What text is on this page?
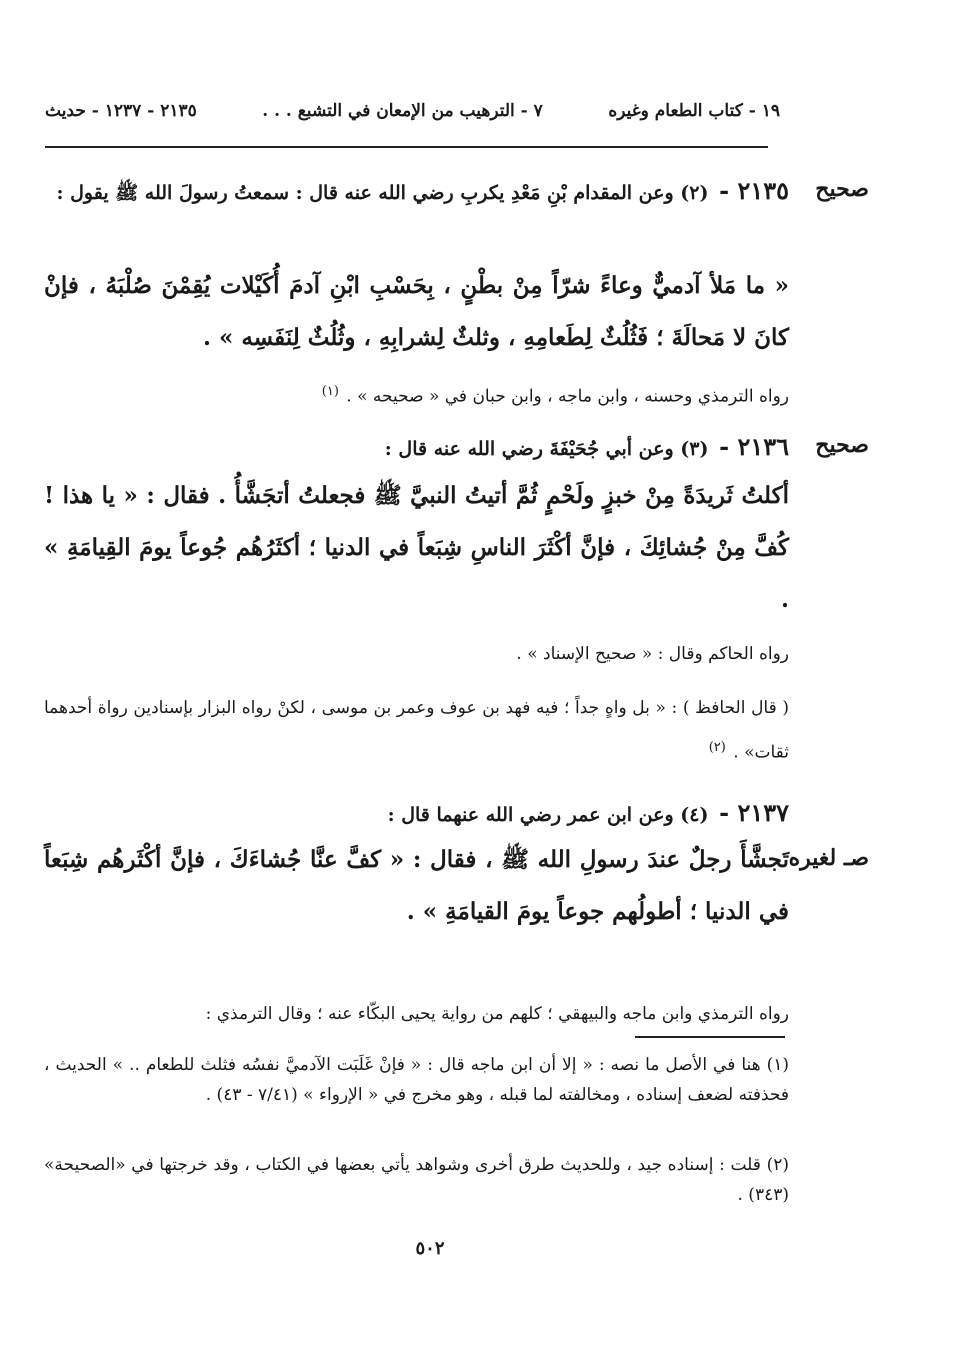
١٩ - كتاب الطعام وغيره
٧ - الترهيب من الإمعان في التشبع . . .
٢١٣٥ - ١٢٣٧ - حديث
صحيح
٢١٣٥ - (٢) وعن المقدام بْنِ مَعْدِ يكربِ رضي الله عنه قال : سمعتُ رسولَ الله ﷺ يقول :
« ما مَلأ آدميٌّ وعاءً شرّاً مِنْ بطْنٍ ، بِحَسْبِ ابْنِ آدمَ أُكَيْلات يُقِمْنَ صُلْبَهُ ، فإنْ كانَ لا مَحالَةَ ؛ فَثُلُثٌ لِطَعامِهِ ، وثلثٌ لِشرابِهِ ، وثُلُثٌ لِنَفَسِه » .
رواه الترمذي وحسنه ، وابن ماجه ، وابن حبان في « صحيحه » . $^{(١)}$
صحيح
٢١٣٦ - (٣) وعن أبي جُحَيْفَةَ رضي الله عنه قال :
أكلتُ ثَريدَةً مِنْ خبزٍ ولَحْمٍ ثُمَّ أتيتُ النبيَّ ﷺ فجعلتُ أتجَشَّأُ . فقال : « يا هذا ! كُفَّ مِنْ جُشائِكَ ، فإنَّ أكْثَرَ الناسِ شِبَعاً في الدنيا ؛ أكثَرُهُم جُوعاً يومَ القِيامَةِ » .
رواه الحاكم وقال : « صحيح الإسناد » .
( قال الحافظ ) : « بل واهٍ جداً ؛ فيه فهد بن عوف وعمر بن موسى ، لكنْ رواه البزار بإسنادين رواة أحدهما ثقات» . $^{(٢)}$
صـ لغيره
٢١٣٧ - (٤) وعن ابن عمر رضي الله عنهما قال :
تَجشَّأَ رجلٌ عندَ رسولِ الله ﷺ ، فقال : « كفَّ عنَّا جُشاءَكَ ، فإنَّ أكْثَرهُم شِبَعاً في الدنيا ؛ أطولُهم جوعاً يومَ القيامَةِ » .
رواه الترمذي وابن ماجه والبيهقي ؛ كلهم من رواية يحيى البكّاء عنه ؛ وقال الترمذي :
(١) هنا في الأصل ما نصه : « إلا أن ابن ماجه قال : « فإنْ غَلَبَت الآدميَّ نفسُه فثلث للطعام .. » الحديث ، فحذفته لضعف إسناده ، ومخالفته لما قبله ، وهو مخرج في « الإرواء » (٧/٤١ - ٤٣) .
(٢) قلت : إسناده جيد ، وللحديث طرق أخرى وشواهد يأتي بعضها في الكتاب ، وقد خرجتها في «الصحيحة» (٣٤٣) .
٥٠٢
